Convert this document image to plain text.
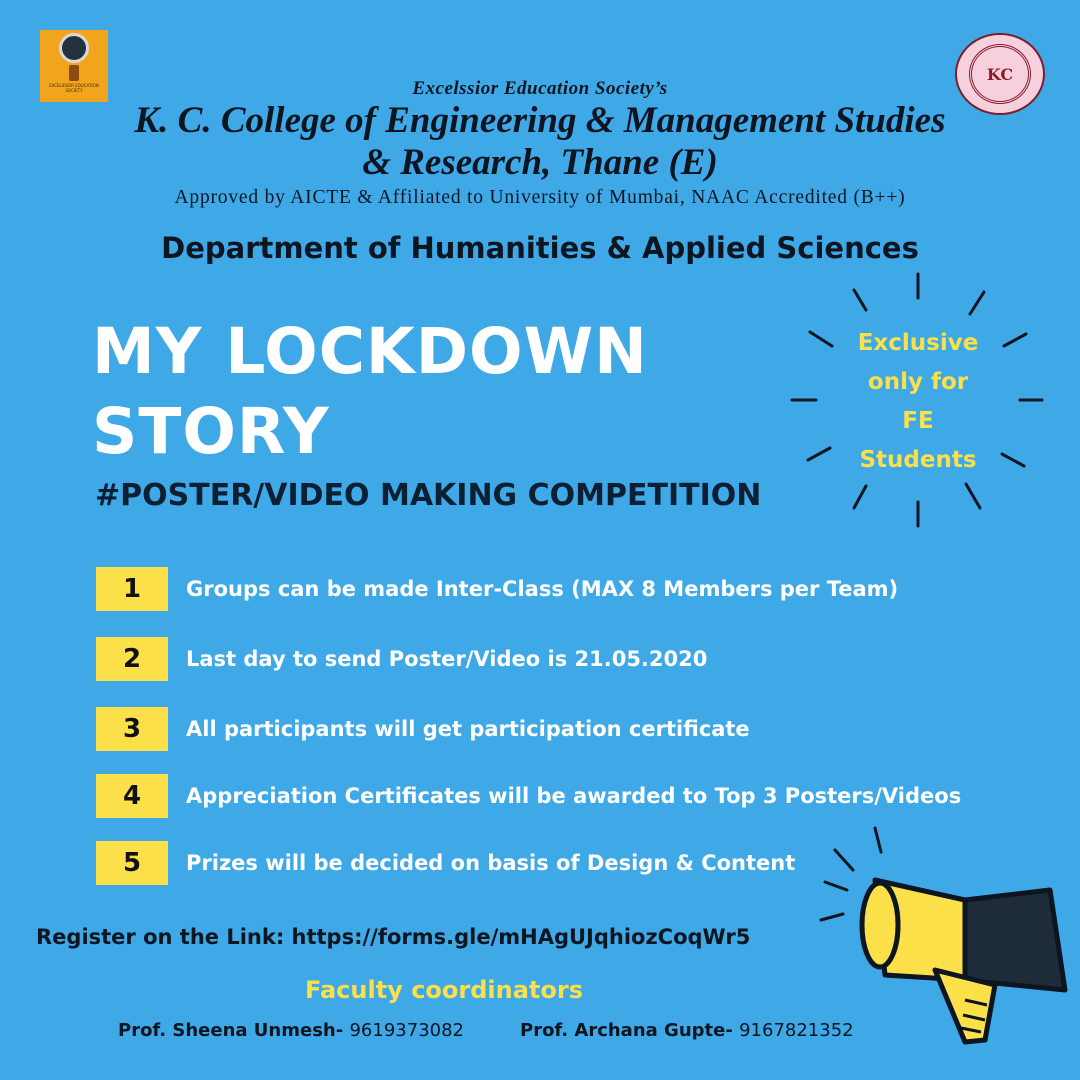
EXCELSSIOR EDUCATION SOCIETY
KC
Excelssior Education Society’s
K. C. College of Engineering & Management Studies
& Research, Thane (E)
Approved by AICTE & Affiliated to University of Mumbai, NAAC Accredited (B++)
Department of Humanities & Applied Sciences
MY LOCKDOWN
STORY
#POSTER/VIDEO MAKING COMPETITION
Exclusive
only for
FE
Students
1	Groups can be made Inter-Class (MAX 8 Members per Team)
2	Last day to send Poster/Video is 21.05.2020
3	All participants will get participation certificate
4	Appreciation Certificates will be awarded to Top 3 Posters/Videos
5	Prizes will be decided on basis of Design & Content
Register on the Link: https://forms.gle/mHAgUJqhiozCoqWr5
Faculty coordinators
Prof. Sheena Unmesh- 9619373082	Prof. Archana Gupte- 9167821352
